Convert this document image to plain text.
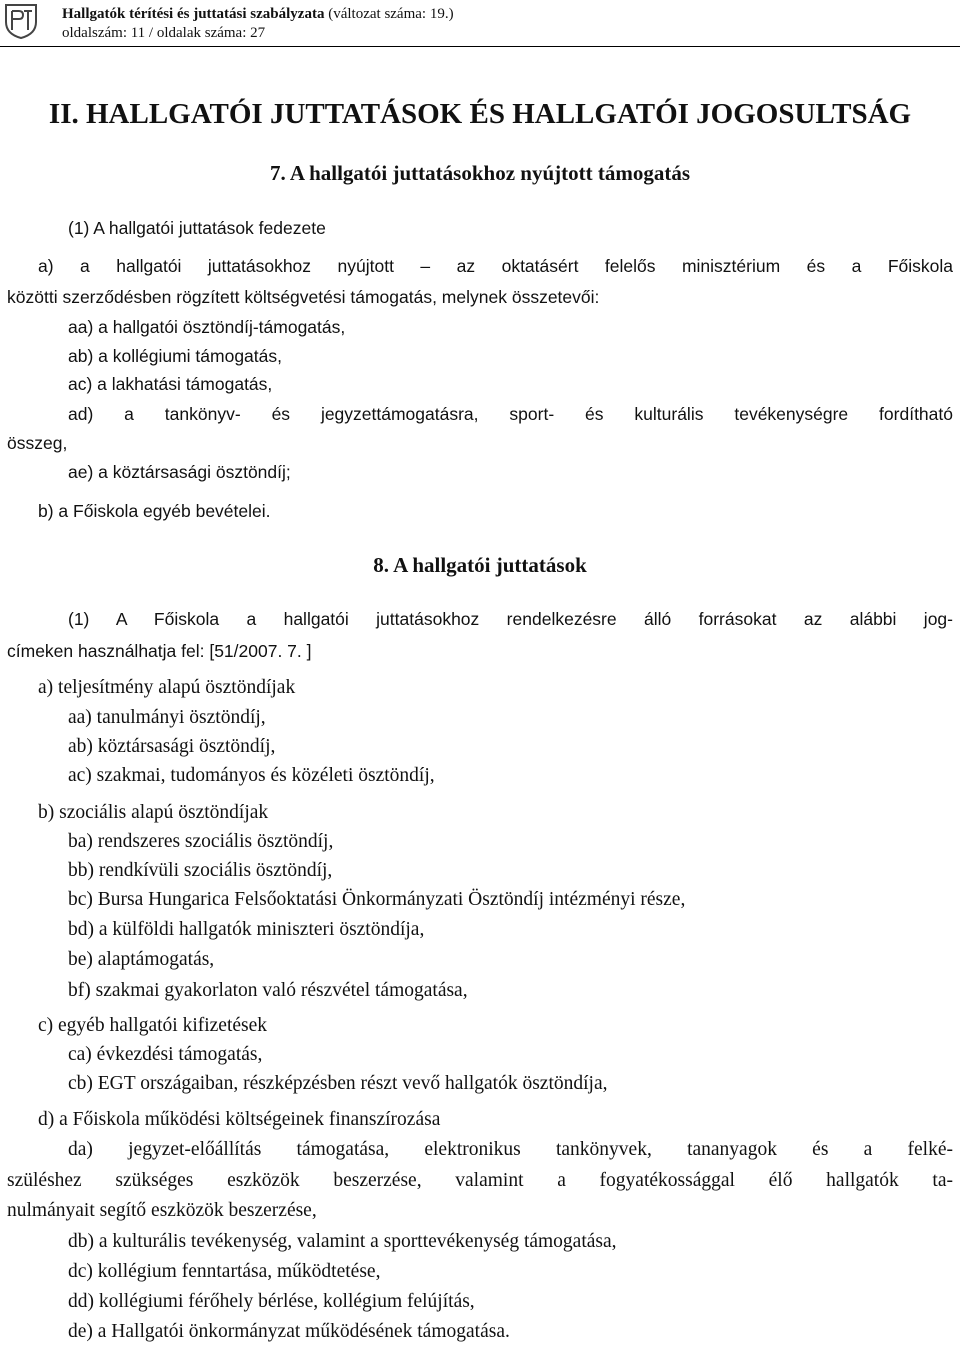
Hallgatók térítési és juttatási szabályzata (változat száma: 19.)
oldalszám: 11 / oldalak száma: 27
II. HALLGATÓI JUTTATÁSOK ÉS HALLGATÓI JOGOSULTSÁG
7. A hallgatói juttatásokhoz nyújtott támogatás
(1) A hallgatói juttatások fedezete
a) a hallgatói juttatásokhoz nyújtott – az oktatásért felelős minisztérium és a Főiskola
közötti szerződésben rögzített költségvetési támogatás, melynek összetevői:
aa) a hallgatói ösztöndíj-támogatás,
ab) a kollégiumi támogatás,
ac) a lakhatási támogatás,
ad) a tankönyv- és jegyzettámogatásra, sport- és kulturális tevékenységre fordítható
összeg,
ae) a köztársasági ösztöndíj;
b) a Főiskola egyéb bevételei.
8. A hallgatói juttatások
(1) A Főiskola a hallgatói juttatásokhoz rendelkezésre álló forrásokat az alábbi jog-
címeken használhatja fel: [51/2007. 7. ]
a) teljesítmény alapú ösztöndíjak
aa) tanulmányi ösztöndíj,
ab) köztársasági ösztöndíj,
ac) szakmai, tudományos és közéleti ösztöndíj,
b) szociális alapú ösztöndíjak
ba) rendszeres szociális ösztöndíj,
bb) rendkívüli szociális ösztöndíj,
bc) Bursa Hungarica Felsőoktatási Önkormányzati Ösztöndíj intézményi része,
bd) a külföldi hallgatók miniszteri ösztöndíja,
be) alaptámogatás,
bf) szakmai gyakorlaton való részvétel támogatása,
c) egyéb hallgatói kifizetések
ca) évkezdési támogatás,
cb) EGT országaiban, részképzésben részt vevő hallgatók ösztöndíja,
d) a Főiskola működési költségeinek finanszírozása
da) jegyzet-előállítás támogatása, elektronikus tankönyvek, tananyagok és a felké-
szüléshez szükséges eszközök beszerzése, valamint a fogyatékossággal élő hallgatók ta-
nulmányait segítő eszközök beszerzése,
db) a kulturális tevékenység, valamint a sporttevékenység támogatása,
dc) kollégium fenntartása, működtetése,
dd) kollégiumi férőhely bérlése, kollégium felújítás,
de) a Hallgatói önkormányzat működésének támogatása.
